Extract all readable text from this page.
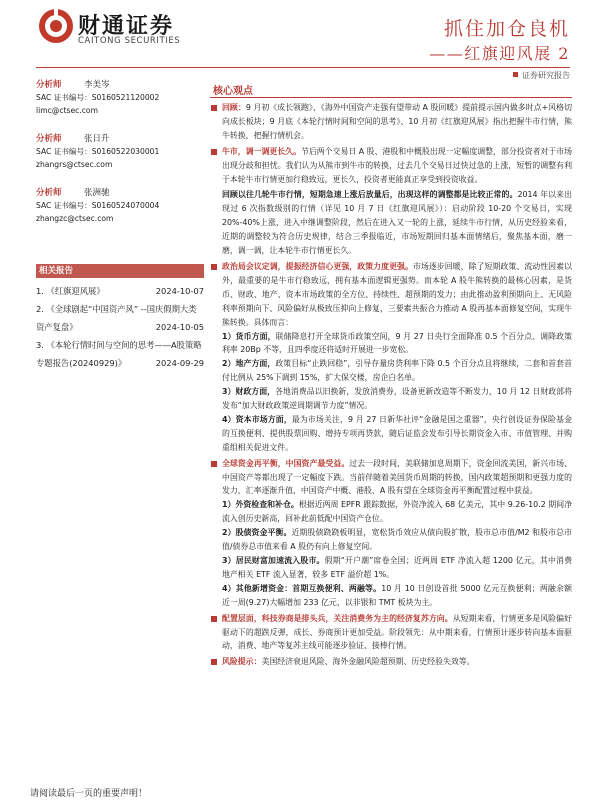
财通证券
CAITONG SECURITIES
抓住加仓良机
——红旗迎风展 2
证券研究报告
分析师	李美岑
SAC 证书编号：S0160521120002
limc@ctsec.com
分析师	张日升
SAC 证书编号：S0160522030001
zhangrs@ctsec.com
分析师	张洲驰
SAC 证书编号：S0160524070004
zhangzc@ctsec.com
相关报告
1. 《红旗迎风展》	2024-10-07
2. 《全球剧起“中国资产风” --国庆假期大类资产复盘》	2024-10-05
3. 《本轮行情时间与空间的思考——A股策略专题报告(20240929)》	2024-09-29
核心观点
回顾：9 月初《成长领跑》、《海外中国资产走强有望带动 A 股回暖》提前提示国内做多时点+风格切向成长板块；9 月底《本轮行情时间和空间的思考》、10 月初《红旗迎风展》指出把握牛市行情，熊牛转换，把握行情机会。
牛市，调一调更长久。节后两个交易日 A 股、港股和中概股出现一定幅度调整，部分投资者对于市场出现分歧和担忧。我们认为从熊市到牛市的转换，过去几个交易日过快过急的上涨，短暂的调整有利于本轮牛市行情更加行稳致远，更长久，投资者更能真正享受到投资收益。
回顾以往几轮牛市行情，短期急速上涨后放量后，出现这样的调整都是比较正常的。2014 年以来出现过 6 次指数级别的行情（详见 10 月 7 日《红旗迎风展》）：启动阶段 10-20 个交易日，实现 20%-40%上涨，进入中继调整阶段，然后在进入又一轮的上涨，延续牛市行情，从历史经验来看，近期的调整较为符合历史规律，结合三季报临近，市场短期回归基本面情绪后，聚焦基本面，磨一磨，调一调，让本轮牛市行情更长久。
政治局会议定调，提振经济信心更强，政策力度更强。市场逐步回暖，除了短期政策、流动性因素以外，最重要的是牛市行稳致远，拥有基本面逻辑更强势。而本轮 A 股牛熊转换的最核心因素，是货币、财政、地产、资本市场政策的全方位、持续性、超预期的发力；由此推动盈利预期向上、无风险利率预期向下、风险偏好从极致压抑向上修复，三要素共振合力推动 A 股再基本面修复空间，实现牛熊转换。具体而言：
1）货币方面，联储降息打开全球货币政策空间，9 月 27 日央行全面降准 0.5 个百分点、调降政策利率 20Bp 不等，且四季度还将适时开展进一步宽松。
2）地产方面，政策目标“止跌回稳”，引导存量房贷利率下降 0.5 个百分点且将继续，二套和首套首付比例从 25%下调到 15%，扩大保交楼，房企白名单。
3）财政方面，各地消费品以旧换新，发放消费券，设备更新改造等不断发力，10 月 12 日财政部将发布“加大财政政策逆周期调节力度”情况。
4）资本市场方面，最为市场关注，9 月 27 日新华社评“金融是国之重器”，央行创设证券保险基金的互换便利、提供股票回购、增持专项再贷款，随后证监会发布引导长期资金入市、市值管理、并购重组相关促进文件。
全球资金再平衡，中国资产最受益。过去一段时间，美联储加息周期下，资金回流美国，新兴市场、中国资产等都出现了一定幅度下跌。当前伴随着美国货币周期的转换，国内政策超预期和更强力度的发力，汇率逐渐升值，中国资产中概、港股、A 股有望在全球资金再平衡配置过程中获益。
1）外资检查和补仓。根据近两周 EPFR 跟踪数据，外资净流入 68 亿美元，其中 9.26-10.2 期间净流入创历史新高，回补此前低配中国资产仓位。
2）股债资金平衡。近期股债跷跷板明显，宽松货币效应从债向股扩散，股市总市值/M2 和股市总市值/债券总市值来看 A 股仍有向上修复空间。
3）居民财富加速流入股市。假期“开户潮”席卷全国；近两周 ETF 净流入超 1200 亿元，其中消费地产相关 ETF 流入显著，较多 ETF 溢价超 1%。
4）其他新增资金：首期互换便利、两融等。10 月 10 日创设首批 5000 亿元互换便利；两融余额近一周(9.27)大幅增加 233 亿元，以非银和 TMT 板块为主。
配置层面，科技券商是排头兵，关注消费务为主的经济复苏方向。从短期来看，行情更多是风险偏好驱动下的超跌反弹，成长、券商预计更加受益。阶段领先：从中期来看，行情预计逐步转向基本面驱动，消费、地产等复苏主线可能逐步验证、接棒行情。
风险提示：美国经济衰退风险、海外金融风险超预期、历史经验失效等。
请阅读最后一页的重要声明！
